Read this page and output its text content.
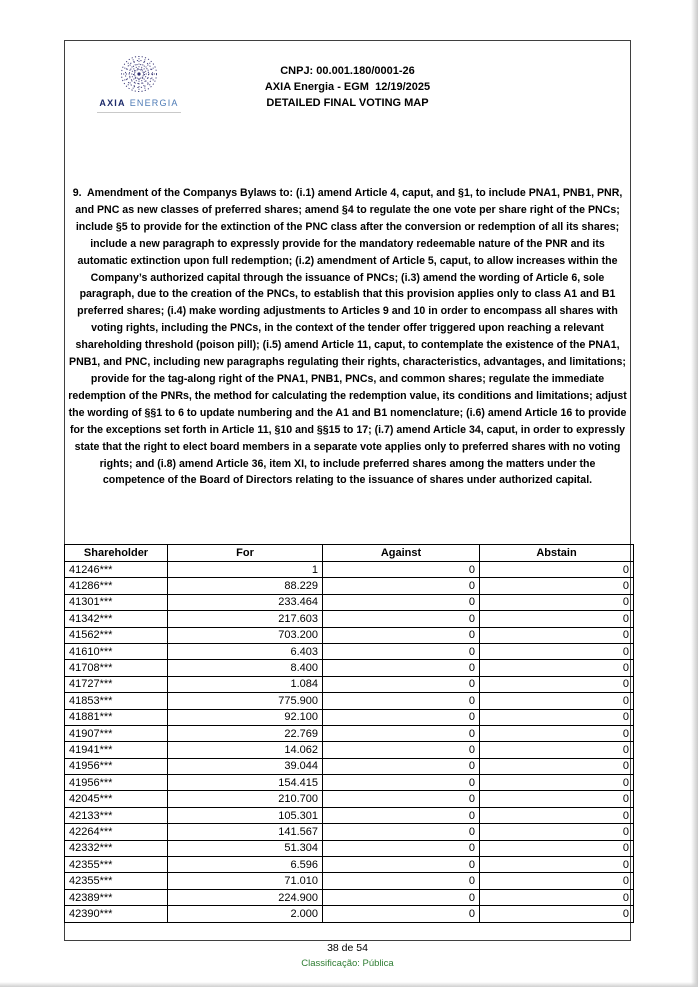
AXIA ENERGIA
CNPJ: 00.001.180/0001-26
AXIA Energia - EGM  12/19/2025
DETAILED FINAL VOTING MAP
9.  Amendment of the Companys Bylaws to: (i.1) amend Article 4, caput, and §1, to include PNA1, PNB1, PNR, and PNC as new classes of preferred shares; amend §4 to regulate the one vote per share right of the PNCs; include §5 to provide for the extinction of the PNC class after the conversion or redemption of all its shares; include a new paragraph to expressly provide for the mandatory redeemable nature of the PNR and its automatic extinction upon full redemption; (i.2) amendment of Article 5, caput, to allow increases within the Company’s authorized capital through the issuance of PNCs; (i.3) amend the wording of Article 6, sole paragraph, due to the creation of the PNCs, to establish that this provision applies only to class A1 and B1 preferred shares; (i.4) make wording adjustments to Articles 9 and 10 in order to encompass all shares with voting rights, including the PNCs, in the context of the tender offer triggered upon reaching a relevant shareholding threshold (poison pill); (i.5) amend Article 11, caput, to contemplate the existence of the PNA1, PNB1, and PNC, including new paragraphs regulating their rights, characteristics, advantages, and limitations; provide for the tag-along right of the PNA1, PNB1, PNCs, and common shares; regulate the immediate redemption of the PNRs, the method for calculating the redemption value, its conditions and limitations; adjust the wording of §§1 to 6 to update numbering and the A1 and B1 nomenclature; (i.6) amend Article 16 to provide for the exceptions set forth in Article 11, §10 and §§15 to 17; (i.7) amend Article 34, caput, in order to expressly state that the right to elect board members in a separate vote applies only to preferred shares with no voting rights; and (i.8) amend Article 36, item XI, to include preferred shares among the matters under the competence of the Board of Directors relating to the issuance of shares under authorized capital.
Shareholder	For	Against	Abstain
41246***	1	0	0
41286***	88.229	0	0
41301***	233.464	0	0
41342***	217.603	0	0
41562***	703.200	0	0
41610***	6.403	0	0
41708***	8.400	0	0
41727***	1.084	0	0
41853***	775.900	0	0
41881***	92.100	0	0
41907***	22.769	0	0
41941***	14.062	0	0
41956***	39.044	0	0
41956***	154.415	0	0
42045***	210.700	0	0
42133***	105.301	0	0
42264***	141.567	0	0
42332***	51.304	0	0
42355***	6.596	0	0
42355***	71.010	0	0
42389***	224.900	0	0
42390***	2.000	0	0
38 de 54
Classificação: Pública
